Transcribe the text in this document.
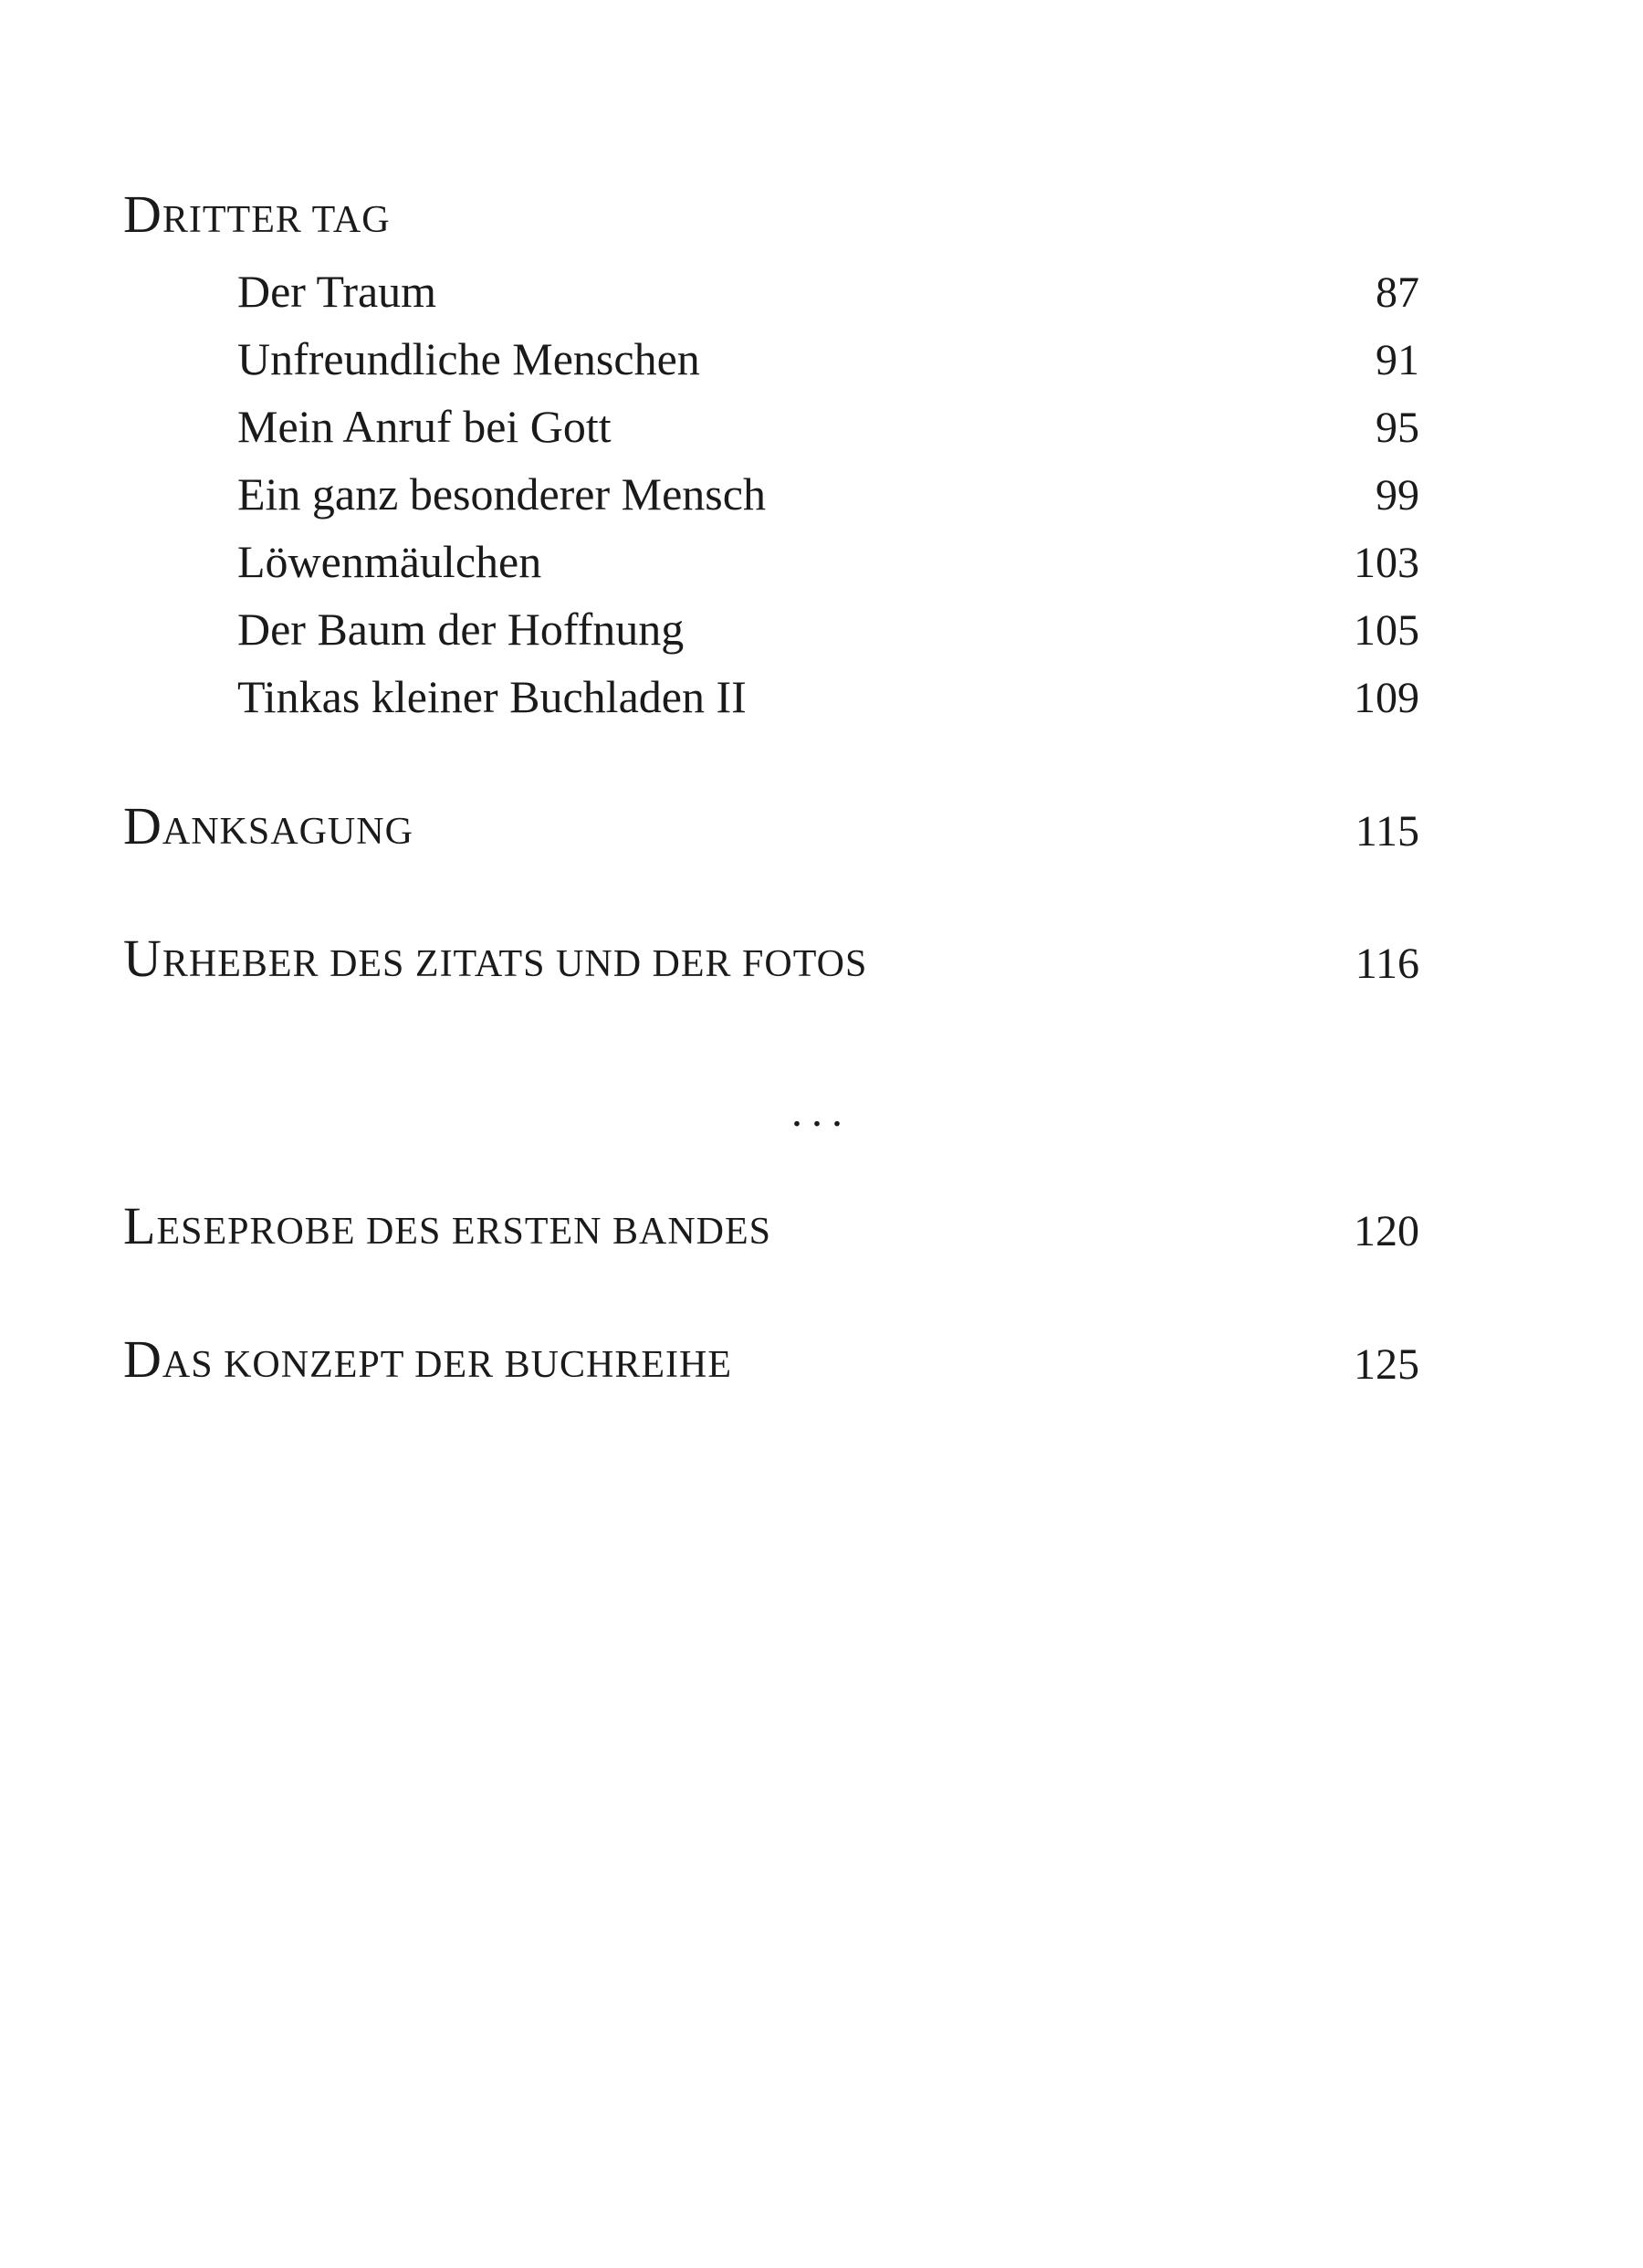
DRITTER TAG
Der Traum	87
Unfreundliche Menschen	91
Mein Anruf bei Gott	95
Ein ganz besonderer Mensch	99
Löwenmäulchen	103
Der Baum der Hoffnung	105
Tinkas kleiner Buchladen II	109
DANKSAGUNG	115
URHEBER DES ZITATS UND DER FOTOS	116
...
LESEPROBE DES ERSTEN BANDES	120
DAS KONZEPT DER BUCHREIHE	125
